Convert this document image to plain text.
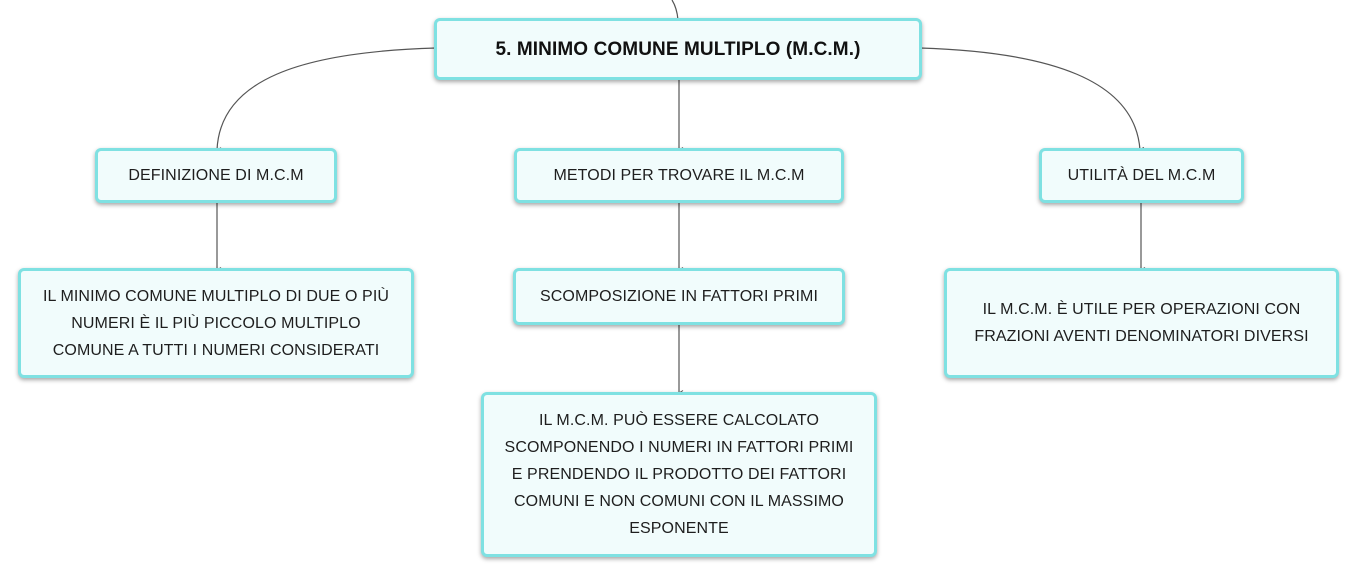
5. MINIMO COMUNE MULTIPLO (M.C.M.)
DEFINIZIONE DI M.C.M	METODI PER TROVARE IL M.C.M	UTILITÀ DEL M.C.M
IL MINIMO COMUNE MULTIPLO DI DUE O PIÙ
NUMERI È IL PIÙ PICCOLO MULTIPLO
COMUNE A TUTTI I NUMERI CONSIDERATI
SCOMPOSIZIONE IN FATTORI PRIMI
IL M.C.M. PUÒ ESSERE CALCOLATO
SCOMPONENDO I NUMERI IN FATTORI PRIMI
E PRENDENDO IL PRODOTTO DEI FATTORI
COMUNI E NON COMUNI CON IL MASSIMO
ESPONENTE
IL M.C.M. È UTILE PER OPERAZIONI CON
FRAZIONI AVENTI DENOMINATORI DIVERSI
